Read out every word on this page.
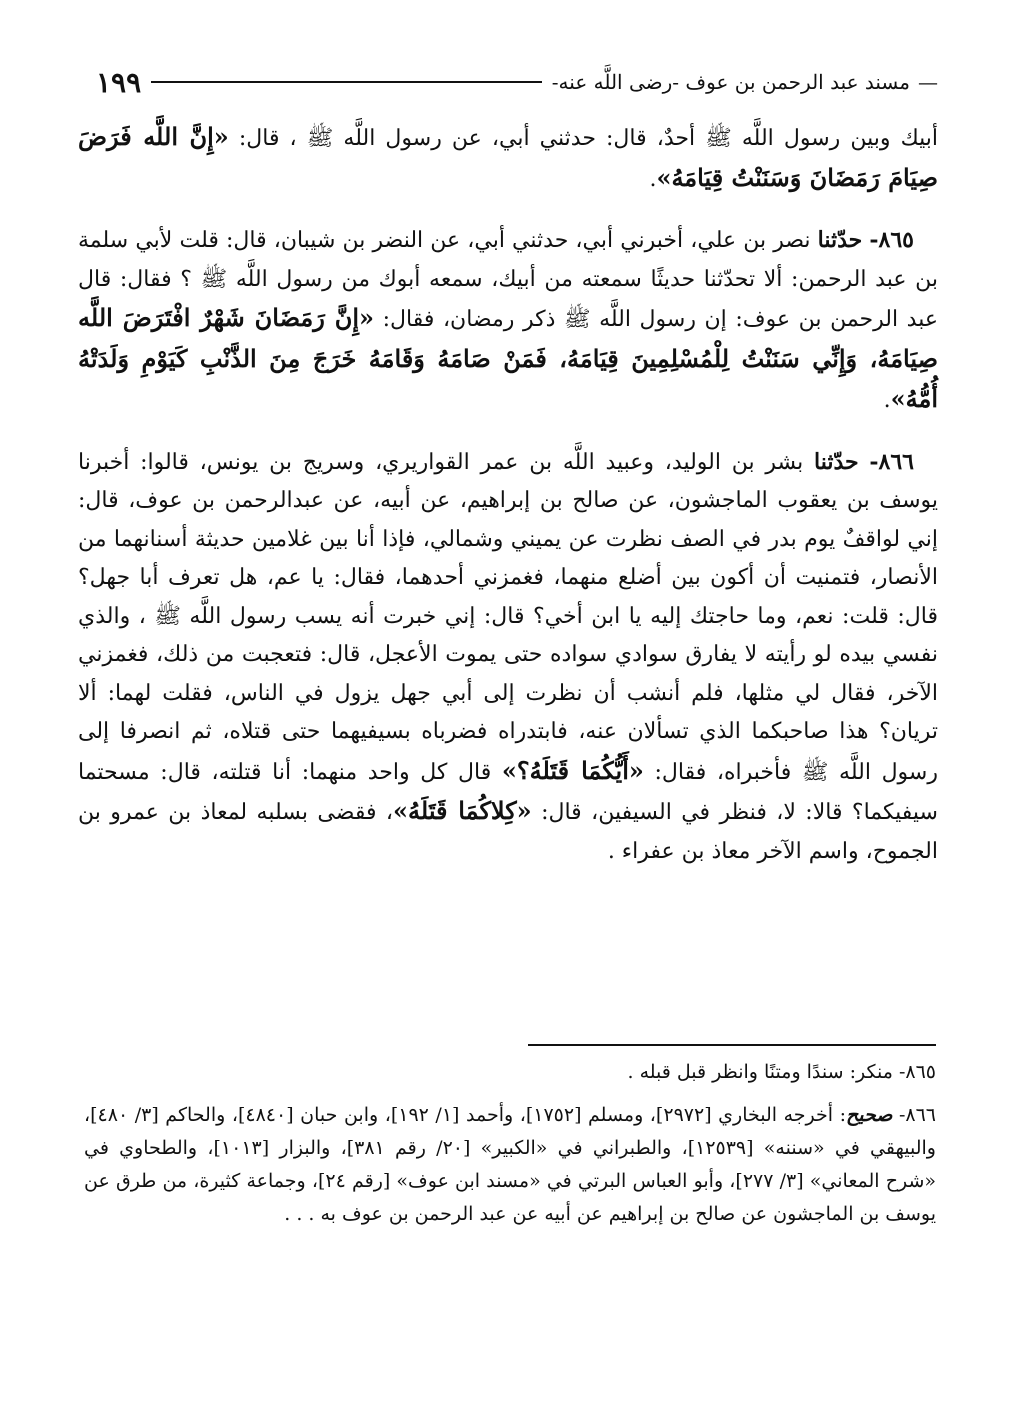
—
مسند عبد الرحمن بن عوف -رضى اللَّه عنه-
١٩٩

أبيك وبين رسول اللَّه ﷺ أحدٌ، قال: حدثني أبي، عن رسول اللَّه ﷺ ، قال: «إِنَّ اللَّه فَرَضَ صِيَامَ رَمَضَانَ وَسَنَنْتُ قِيَامَهُ».

٨٦٥- حدّثنا نصر بن علي، أخبرني أبي، حدثني أبي، عن النضر بن شيبان، قال: قلت لأبي سلمة بن عبد الرحمن: ألا تحدّثنا حديثًا سمعته من أبيك، سمعه أبوك من رسول اللَّه ﷺ ؟ فقال: قال عبد الرحمن بن عوف: إن رسول اللَّه ﷺ ذكر رمضان، فقال: «إِنَّ رَمَضَانَ شَهْرٌ افْتَرَضَ اللَّه صِيَامَهُ، وَإِنِّي سَنَنْتُ لِلْمُسْلِمِينَ قِيَامَهُ، فَمَنْ صَامَهُ وَقَامَهُ خَرَجَ مِنَ الذَّنْبِ كَيَوْمِ وَلَدَتْهُ أُمُّهُ».

٨٦٦- حدّثنا بشر بن الوليد، وعبيد اللَّه بن عمر القواريري، وسريج بن يونس، قالوا: أخبرنا يوسف بن يعقوب الماجشون، عن صالح بن إبراهيم، عن أبيه، عن عبدالرحمن بن عوف، قال: إني لواقفٌ يوم بدر في الصف نظرت عن يميني وشمالي، فإذا أنا بين غلامين حديثة أسنانهما من الأنصار، فتمنيت أن أكون بين أضلع منهما، فغمزني أحدهما، فقال: يا عم، هل تعرف أبا جهل؟ قال: قلت: نعم، وما حاجتك إليه يا ابن أخي؟ قال: إني خبرت أنه يسب رسول اللَّه ﷺ ، والذي نفسي بيده لو رأيته لا يفارق سوادي سواده حتى يموت الأعجل، قال: فتعجبت من ذلك، فغمزني الآخر، فقال لي مثلها، فلم أنشب أن نظرت إلى أبي جهل يزول في الناس، فقلت لهما: ألا تريان؟ هذا صاحبكما الذي تسألان عنه، فابتدراه فضرباه بسيفيهما حتى قتلاه، ثم انصرفا إلى رسول اللَّه ﷺ فأخبراه، فقال: «أَيُّكُمَا قَتَلَهُ؟» قال كل واحد منهما: أنا قتلته، قال: مسحتما سيفيكما؟ قالا: لا، فنظر في السيفين، قال: «كِلاكُمَا قَتَلَهُ»، فقضى بسلبه لمعاذ بن عمرو بن الجموح، واسم الآخر معاذ بن عفراء .

٨٦٥- منكر: سندًا ومتنًا وانظر قبل قبله .

٨٦٦- صحيح: أخرجه البخاري [٢٩٧٢]، ومسلم [١٧٥٢]، وأحمد [١/ ١٩٢]، وابن حبان [٤٨٤٠]، والحاكم [٣/ ٤٨٠]، والبيهقي في «سننه» [١٢٥٣٩]، والطبراني في «الكبير» [٢٠/ رقم ٣٨١]، والبزار [١٠١٣]، والطحاوي في «شرح المعاني» [٣/ ٢٧٧]، وأبو العباس البرتي في «مسند ابن عوف» [رقم ٢٤]، وجماعة كثيرة، من طرق عن يوسف بن الماجشون عن صالح بن إبراهيم عن أبيه عن عبد الرحمن بن عوف به . . .
